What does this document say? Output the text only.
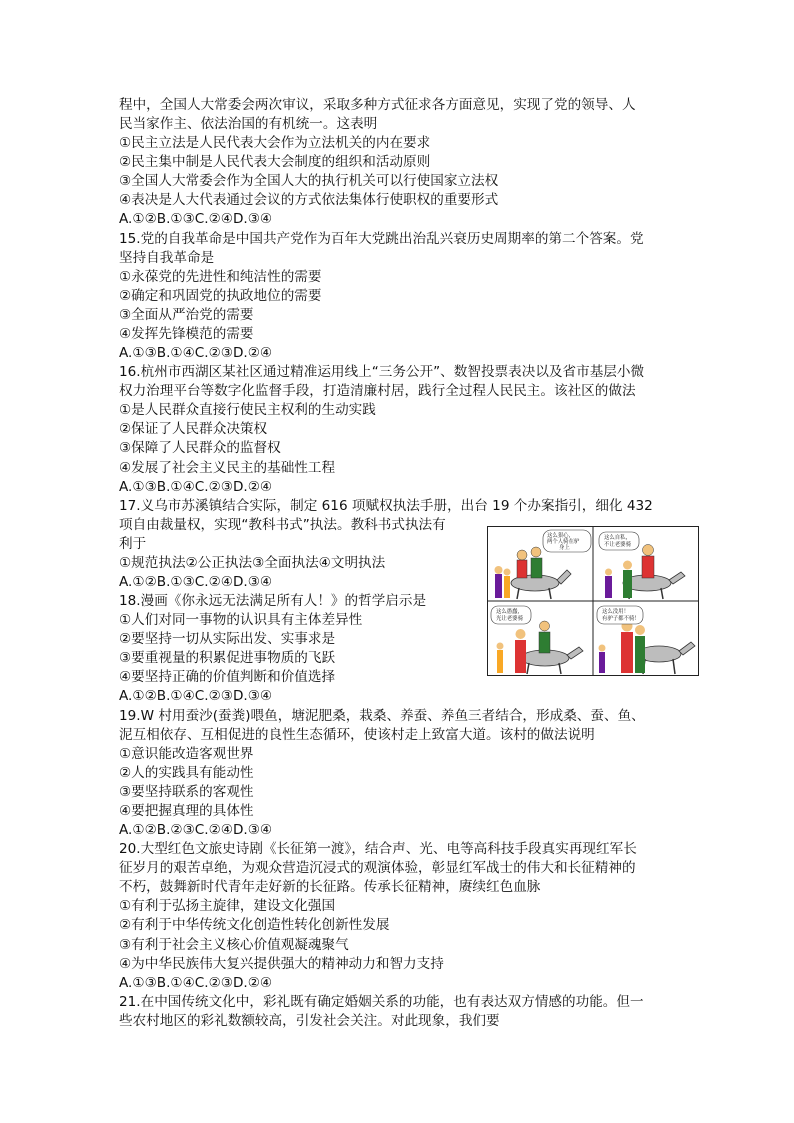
程中，全国人大常委会两次审议，采取多种方式征求各方面意见，实现了党的领导、人
民当家作主、依法治国的有机统一。这表明
①民主立法是人民代表大会作为立法机关的内在要求
②民主集中制是人民代表大会制度的组织和活动原则
③全国人大常委会作为全国人大的执行机关可以行使国家立法权
④表决是人大代表通过会议的方式依法集体行使职权的重要形式
A.①②B.①③C.②④D.③④
15.党的自我革命是中国共产党作为百年大党跳出治乱兴衰历史周期率的第二个答案。党
坚持自我革命是
①永葆党的先进性和纯洁性的需要
②确定和巩固党的执政地位的需要
③全面从严治党的需要
④发挥先锋模范的需要
A.①③B.①④C.②③D.②④
16.杭州市西湖区某社区通过精准运用线上“三务公开”、数智投票表决以及省市基层小微
权力治理平台等数字化监督手段，打造清廉村居，践行全过程人民民主。该社区的做法
①是人民群众直接行使民主权利的生动实践
②保证了人民群众决策权
③保障了人民群众的监督权
④发展了社会主义民主的基础性工程
A.①③B.①④C.②③D.②④
17.义乌市苏溪镇结合实际，制定 616 项赋权执法手册，出台 19 个办案指引，细化 432
项自由裁量权，实现“教科书式”执法。教科书式执法有
利于
①规范执法②公正执法③全面执法④文明执法
A.①②B.①③C.②④D.③④
18.漫画《你永远无法满足所有人！》的哲学启示是
①人们对同一事物的认识具有主体差异性
②要坚持一切从实际出发、实事求是
③要重视量的积累促进事物质的飞跃
④要坚持正确的价值判断和价值选择
A.①②B.①④C.②③D.③④
19.W 村用蚕沙(蚕粪)喂鱼，塘泥肥桑，栽桑、养蚕、养鱼三者结合，形成桑、蚕、鱼、
泥互相依存、互相促进的良性生态循环，使该村走上致富大道。该村的做法说明
①意识能改造客观世界
②人的实践具有能动性
③要坚持联系的客观性
④要把握真理的具体性
A.①②B.②③C.②④D.③④
20.大型红色文旅史诗剧《长征第一渡》，结合声、光、电等高科技手段真实再现红军长
征岁月的艰苦卓绝，为观众营造沉浸式的观演体验，彰显红军战士的伟大和长征精神的
不朽，鼓舞新时代青年走好新的长征路。传承长征精神，赓续红色血脉
①有利于弘扬主旋律，建设文化强国
②有利于中华传统文化创造性转化创新性发展
③有利于社会主义核心价值观凝魂聚气
④为中华民族伟大复兴提供强大的精神动力和智力支持
A.①③B.①④C.②③D.②④
21.在中国传统文化中，彩礼既有确定婚姻关系的功能，也有表达双方情感的功能。但一
些农村地区的彩礼数额较高，引发社会关注。对此现象，我们要
这么狠心， 两个人骑在驴 身上
这么自私， 不让老婆骑
这么愚蠢， 光让老婆骑
这么没用！ 有驴子都不骑！
